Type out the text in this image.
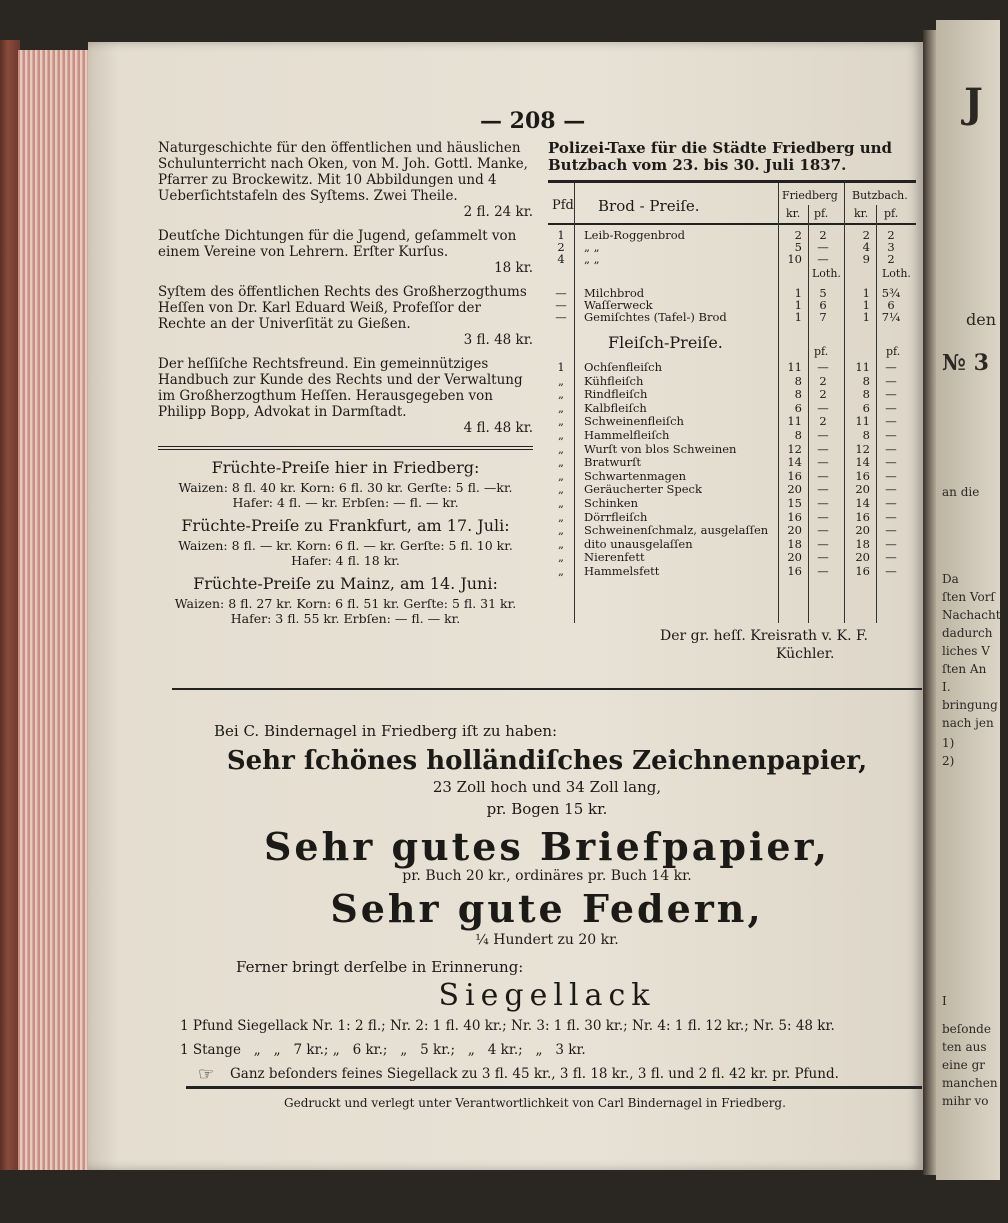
J
den
№ 3
an die
Da
ſten Vorſ
Nachachtu
dadurch
liches V
ſten An
I.
bringung
nach jen
1)
2)
I
beſonde
ten aus
eine gr
manchen
mihr vo
— 208 —

Naturgeschichte für den öffentlichen und häuslichen Schulunterricht nach Oken, von M. Joh. Gottl. Manke, Pfarrer zu Brockewitz. Mit 10 Abbildungen und 4 Ueberſichtstafeln des Syſtems. Zwei Theile.
2 fl. 24 kr.

Deutſche Dichtungen für die Jugend, geſammelt von einem Vereine von Lehrern. Erſter Kurſus.
18 kr.

Syſtem des öffentlichen Rechts des Großherzogthums Heſſen von Dr. Karl Eduard Weiß, Profeſſor der Rechte an der Univerſität zu Gießen.
3 fl. 48 kr.

Der heſſiſche Rechtsfreund. Ein gemeinnütziges Handbuch zur Kunde des Rechts und der Verwaltung im Großherzogthum Heſſen. Herausgegeben von Philipp Bopp, Advokat in Darmſtadt.
4 fl. 48 kr.

Früchte-Preiſe hier in Friedberg:
Waizen: 8 fl. 40 kr. Korn: 6 fl. 30 kr. Gerſte: 5 fl. —kr.
Hafer: 4 fl. — kr. Erbſen: — fl. — kr.
Früchte-Preiſe zu Frankfurt, am 17. Juli:
Waizen: 8 fl. — kr. Korn: 6 fl. — kr. Gerſte: 5 fl. 10 kr.
Hafer: 4 fl. 18 kr.
Früchte-Preiſe zu Mainz, am 14. Juni:
Waizen: 8 fl. 27 kr. Korn: 6 fl. 51 kr. Gerſte: 5 fl. 31 kr.
Hafer: 3 fl. 55 kr. Erbſen: — fl. — kr.
Polizei-Taxe für die Städte Friedberg und
Butzbach vom 23. bis 30. Juli 1837.
Pfd Brod - Preiſe.
Friedberg Butzbach.
kr. pf. kr. pf.
Loth.	Loth.
Fleiſch-Preiſe.	pf.	pf.
1	Leib-Roggenbrod	2	2	2	2
2	„ „	5	—	4	3
4	„ „	10	—	9	2
— Milchbrod	1	5	1	5¾
— Waſſerweck	1	6	1	6
— Gemiſchtes (Tafel-) Brod	1	7	1	7¼
1	Ochſenfleiſch	11	—	11	—
„	Kühfleiſch	8	2	8	—
„	Rindfleiſch	8	2	8	—
„	Kalbfleiſch	6	—	6	—
„	Schweinenfleiſch	11	2	11	—
„	Hammelfleiſch	8	—	8	—
„	Wurſt von blos Schweinen	12	—	12	—
„	Bratwurſt	14	—	14	—
„	Schwartenmagen	16	—	16	—
„	Geräucherter Speck	20	—	20	—
„	Schinken	15	—	14	—
„	Dörrfleiſch	16	—	16	—
„	Schweinenſchmalz, ausgelaſſen	20	—	20	—
„	dito unausgelaſſen	18	—	18	—
„	Nierenfett	20	—	20	—
„	Hammelsfett	16	—	16	—
Der gr. heſſ. Kreisrath v. K. F.
Küchler.
Bei C. Bindernagel in Friedberg iſt zu haben:
Sehr ſchönes holländiſches Zeichnenpapier,
23 Zoll hoch und 34 Zoll lang,
pr. Bogen 15 kr.
Sehr gutes Briefpapier,
pr. Buch 20 kr., ordinäres pr. Buch 14 kr.
Sehr gute Federn,
¼ Hundert zu 20 kr.
Ferner bringt derſelbe in Erinnerung:
Siegellack
1 Pfund Siegellack Nr. 1: 2 fl.; Nr. 2: 1 fl. 40 kr.; Nr. 3: 1 fl. 30 kr.; Nr. 4: 1 fl. 12 kr.; Nr. 5: 48 kr.
1 Stange   „   „   7 kr.; „   6 kr.;   „   5 kr.;   „   4 kr.;   „   3 kr.
☞ Ganz beſonders feines Siegellack zu 3 fl. 45 kr., 3 fl. 18 kr., 3 fl. und 2 fl. 42 kr. pr. Pfund.
Gedruckt und verlegt unter Verantwortlichkeit von Carl Bindernagel in Friedberg.
